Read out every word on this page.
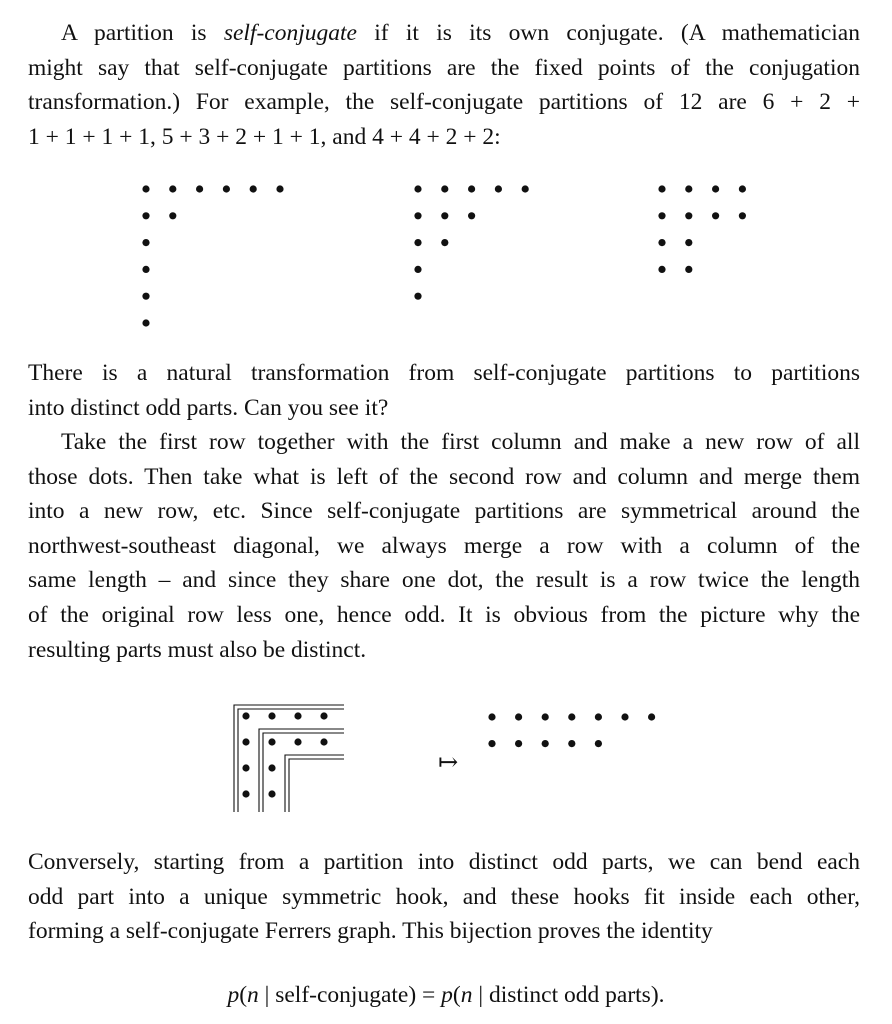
A partition is self-conjugate if it is its own conjugate. (A mathematician
might say that self-conjugate partitions are the fixed points of the conjugation
transformation.) For example, the self-conjugate partitions of 12 are 6 + 2 +
1 + 1 + 1 + 1, 5 + 3 + 2 + 1 + 1, and 4 + 4 + 2 + 2:

There is a natural transformation from self-conjugate partitions to partitions
into distinct odd parts. Can you see it?

Take the first row together with the first column and make a new row of all
those dots. Then take what is left of the second row and column and merge them
into a new row, etc. Since self-conjugate partitions are symmetrical around the
northwest-southeast diagonal, we always merge a row with a column of the
same length – and since they share one dot, the result is a row twice the length
of the original row less one, hence odd. It is obvious from the picture why the
resulting parts must also be distinct.

↦

Conversely, starting from a partition into distinct odd parts, we can bend each
odd part into a unique symmetric hook, and these hooks fit inside each other,
forming a self-conjugate Ferrers graph. This bijection proves the identity

p(n | self-conjugate) = p(n | distinct odd parts).
